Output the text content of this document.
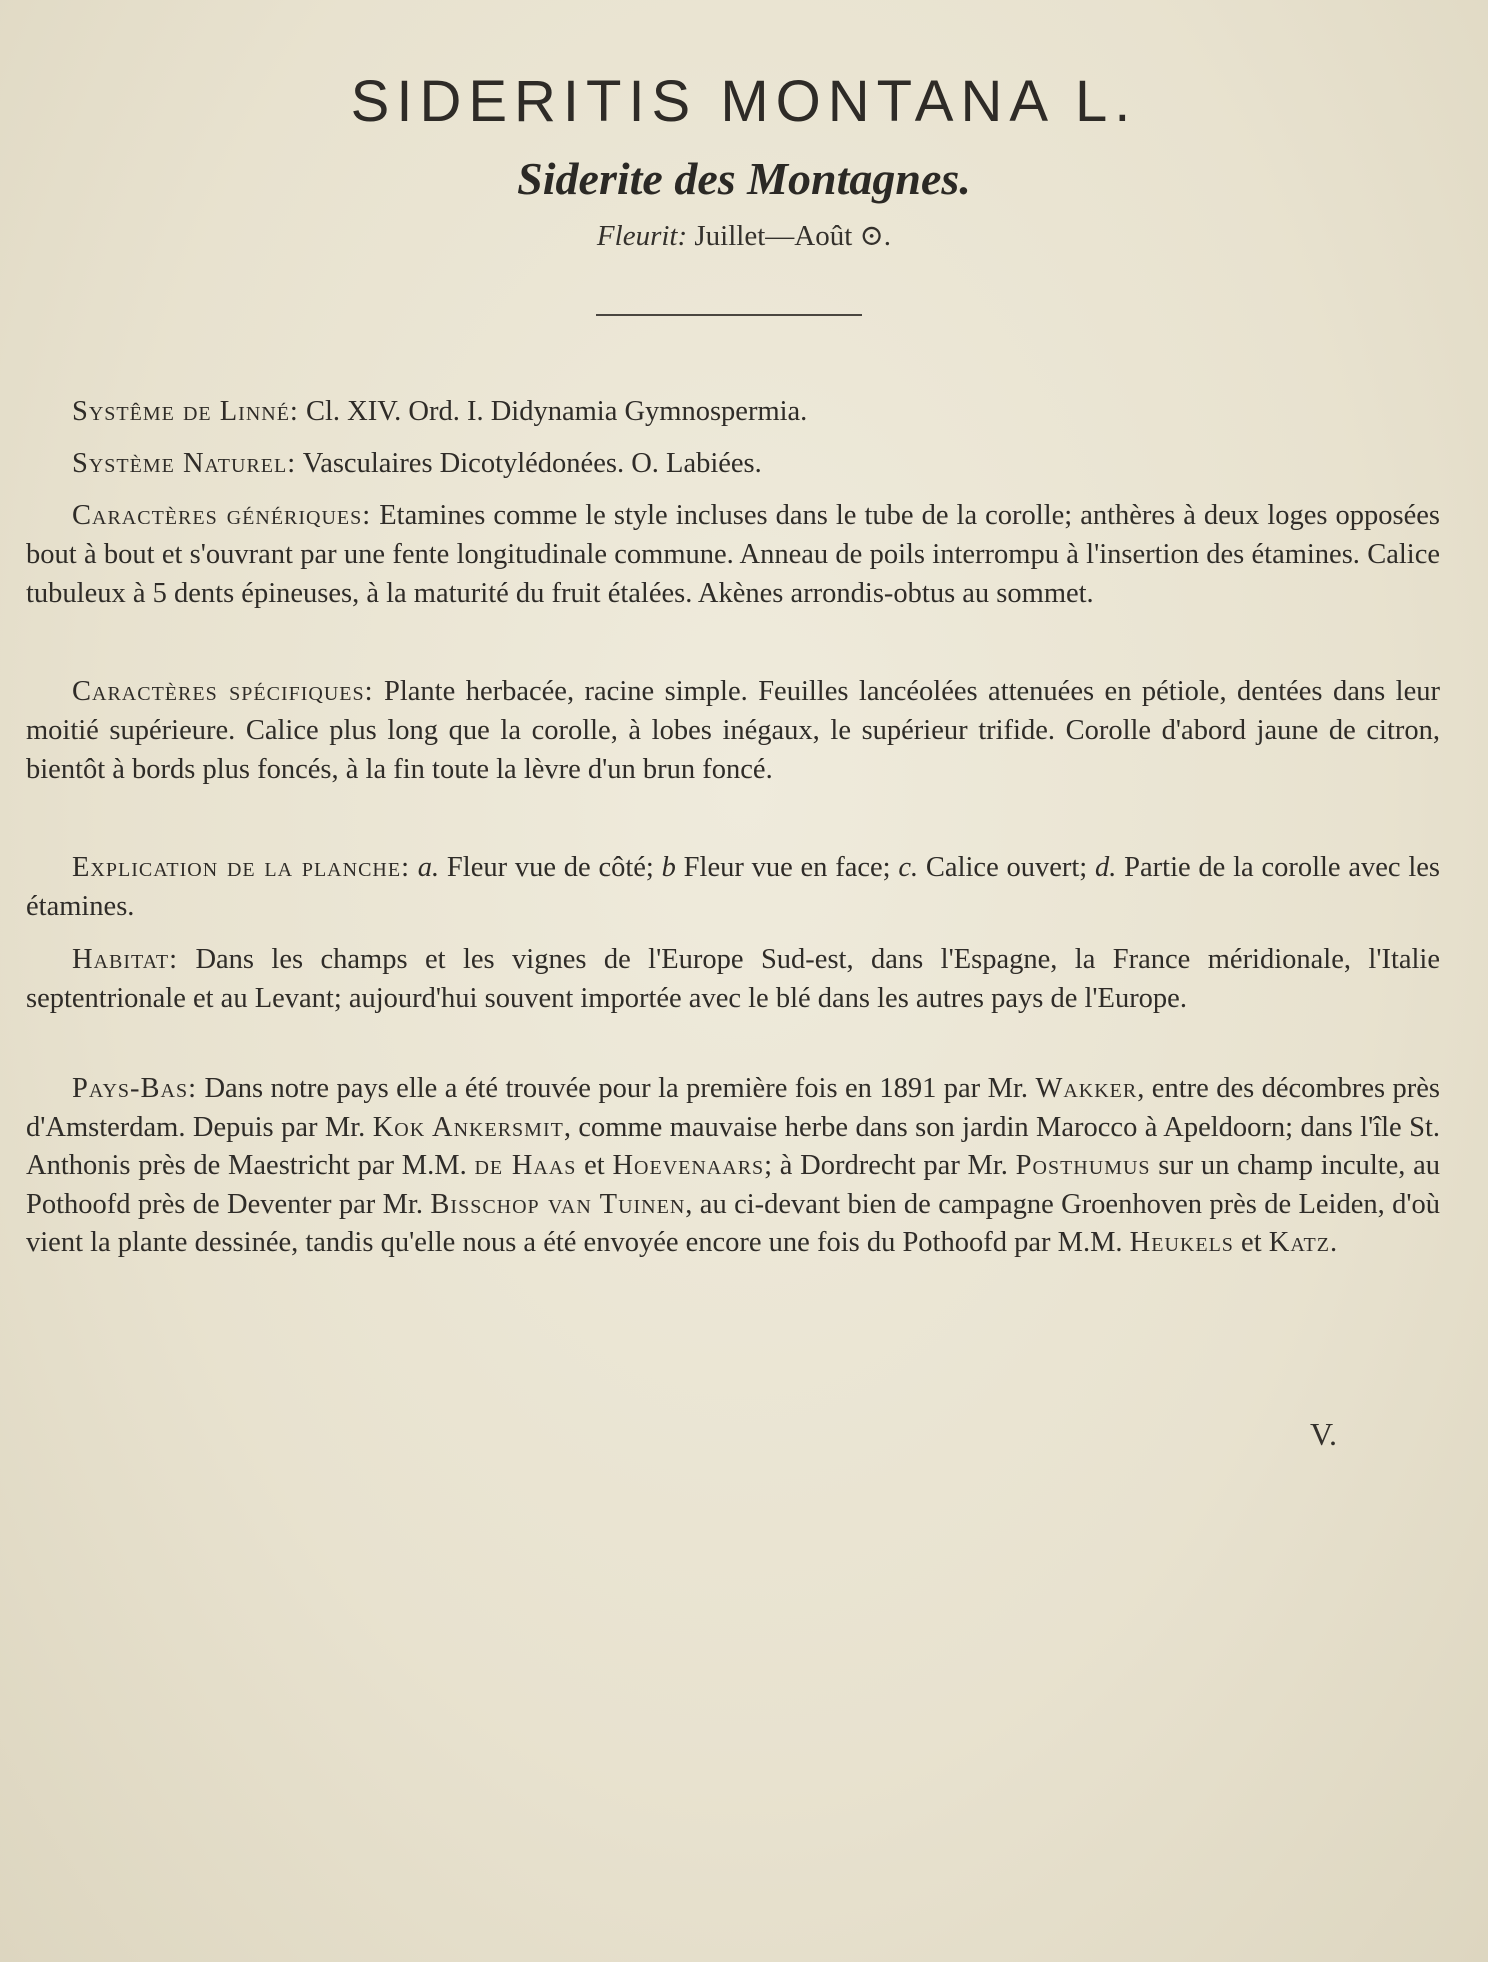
SIDERITIS MONTANA L.
Siderite des Montagnes.
Fleurit: Juillet—Août ⊙.
Systême de Linné: Cl. XIV. Ord. I. Didynamia Gymnospermia.
Système Naturel: Vasculaires Dicotylédonées. O. Labiées.
Caractères génériques: Etamines comme le style incluses dans le tube de la corolle; anthères à deux loges opposées bout à bout et s'ouvrant par une fente longitudinale commune. Anneau de poils interrompu à l'insertion des étamines. Calice tubuleux à 5 dents épineuses, à la maturité du fruit étalées. Akènes arrondis-obtus au sommet.
Caractères spécifiques: Plante herbacée, racine simple. Feuilles lancéolées attenuées en pétiole, dentées dans leur moitié supérieure. Calice plus long que la corolle, à lobes inégaux, le supérieur trifide. Corolle d'abord jaune de citron, bientôt à bords plus foncés, à la fin toute la lèvre d'un brun foncé.
Explication de la planche: a. Fleur vue de côté; b Fleur vue en face; c. Calice ouvert; d. Partie de la corolle avec les étamines.
Habitat: Dans les champs et les vignes de l'Europe Sud-est, dans l'Espagne, la France méridionale, l'Italie septentrionale et au Levant; aujourd'hui souvent importée avec le blé dans les autres pays de l'Europe.
Pays-Bas: Dans notre pays elle a été trouvée pour la première fois en 1891 par Mr. Wakker, entre des décombres près d'Amsterdam. Depuis par Mr. Kok Ankersmit, comme mauvaise herbe dans son jardin Marocco à Apeldoorn; dans l'île St. Anthonis près de Maestricht par M.M. de Haas et Hoevenaars; à Dordrecht par Mr. Posthumus sur un champ inculte, au Pothoofd près de Deventer par Mr. Bisschop van Tuinen, au ci-devant bien de campagne Groenhoven près de Leiden, d'où vient la plante dessinée, tandis qu'elle nous a été envoyée encore une fois du Pothoofd par M.M. Heukels et Katz.
V.
